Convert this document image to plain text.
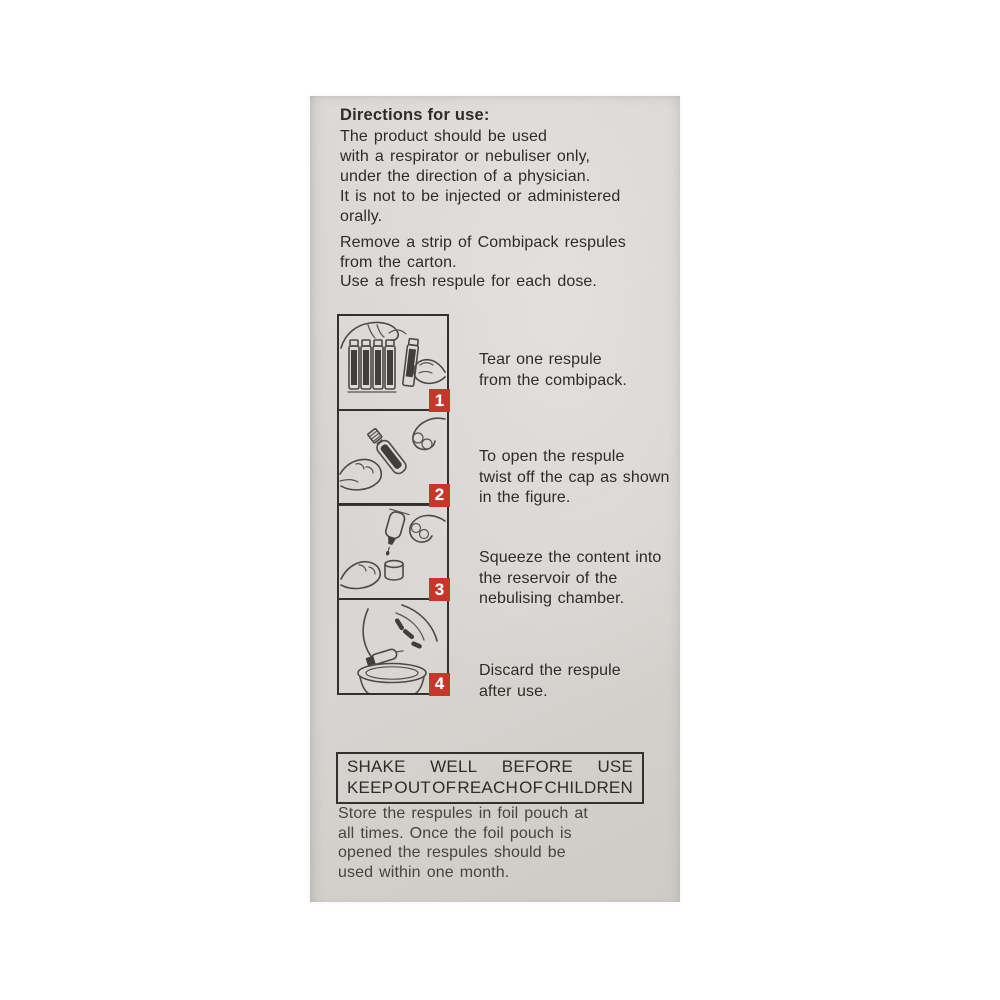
Directions for use:
The product should be used
with a respirator or nebuliser only,
under the direction of a physician.
It is not to be injected or administered
orally.
Remove a strip of Combipack respules
from the carton.
Use a fresh respule for each dose.
1
2
3
4
Tear one respule
from the combipack.
To open the respule
twist off the cap as shown
in the figure.
Squeeze the content into
the reservoir of the
nebulising chamber.
Discard the respule
after use.
SHAKE WELL BEFORE USE
KEEP OUT OF REACH OF CHILDREN
Store the respules in foil pouch at
all times. Once the foil pouch is
opened the respules should be
used within one month.
